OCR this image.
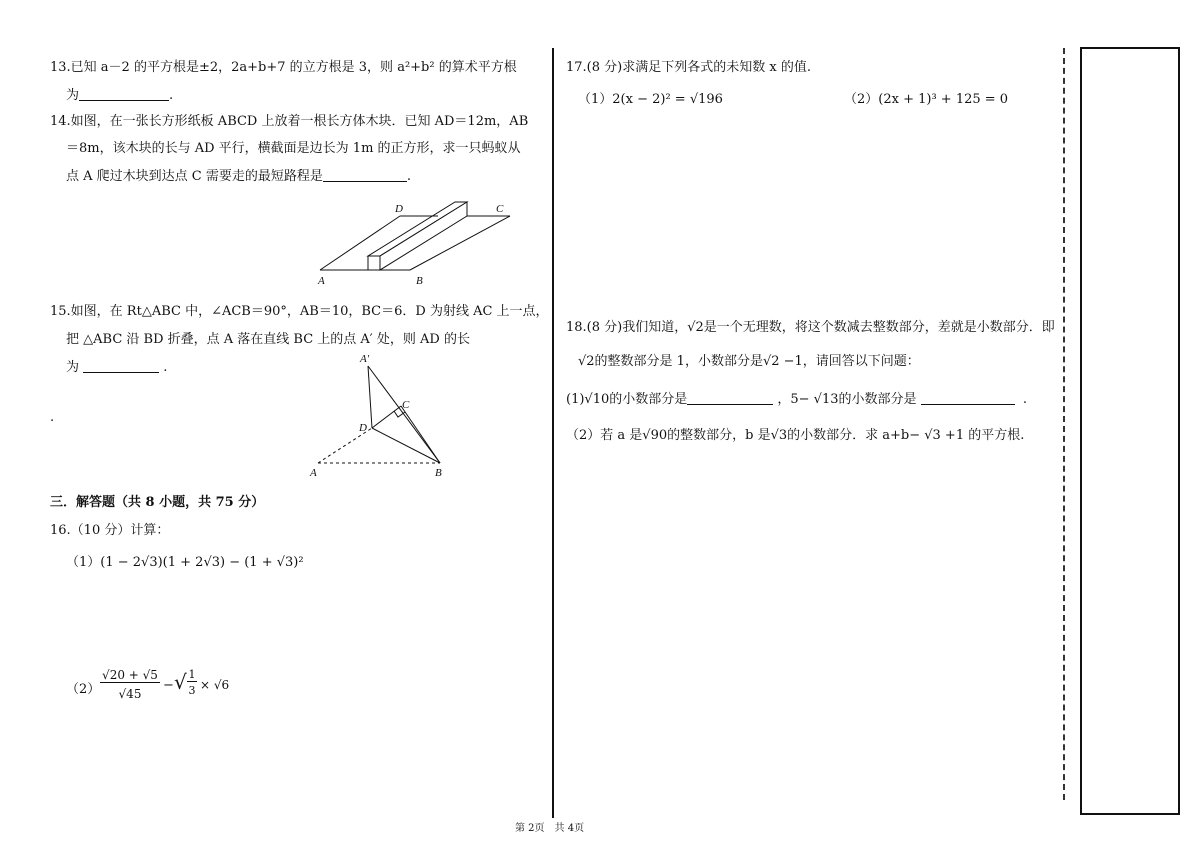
13.已知 a－2 的平方根是±2，2a+b+7 的立方根是 3，则 a²+b² 的算术平方根
为	.
14.如图，在一张长方形纸板 ABCD 上放着一根长方体木块．已知 AD＝12m，AB
＝8m，该木块的长与 AD 平行，横截面是边长为 1m 的正方形，求一只蚂蚁从
点 A 爬过木块到达点 C 需要走的最短路程是	.
D	C
A	B
15.如图，在 Rt△ABC 中，∠ACB＝90°，AB＝10，BC＝6．D 为射线 AC 上一点，
把 △ABC 沿 BD 折叠，点 A 落在直线 BC 上的点 A′ 处，则 AD 的长
为	.
.
A′
C
D
A	B
三．解答题（共 8 小题，共 75 分）
16.（10 分）计算：
（1）(1 − 2√3)(1 + 2√3) − (1 + √3)²
（2）
√20 + √5
√45
− √ 1
3 × √6
17.(8 分)求满足下列各式的未知数 x 的值.
（1）2(x − 2)² = √196	（2）(2x + 1)³ + 125 = 0
18.(8 分)我们知道，√2是一个无理数，将这个数减去整数部分，差就是小数部分．即
√2的整数部分是 1，小数部分是√2 −1，请回答以下问题：
(1)√10的小数部分是	，5− √13的小数部分是	.
（2）若 a 是√90的整数部分，b 是√3的小数部分．求 a+b− √3 +1 的平方根.
第 2页　共 4页
